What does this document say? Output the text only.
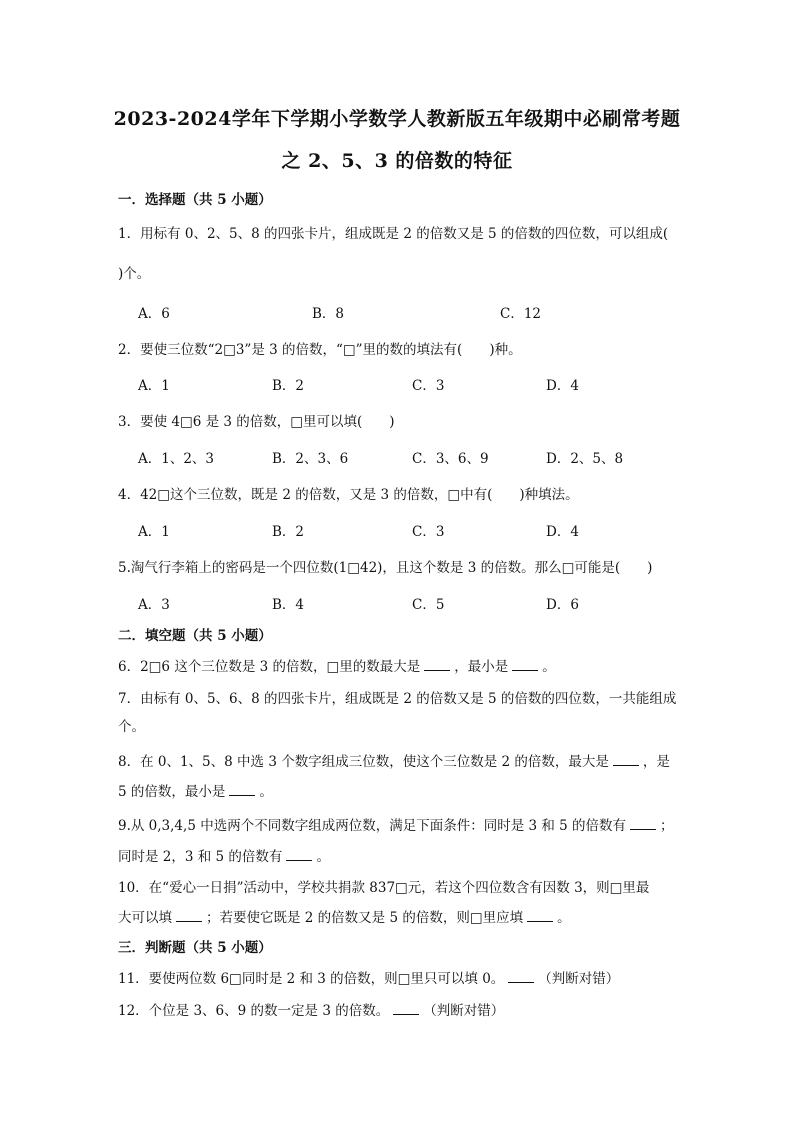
2023-2024学年下学期小学数学人教新版五年级期中必刷常考题
之 2、5、3 的倍数的特征
一．选择题（共 5 小题）
1．用标有 0、2、5、8 的四张卡片，组成既是 2 的倍数又是 5 的倍数的四位数，可以组成(
)个。
A．6	B．8	C．12
2．要使三位数“2□3”是 3 的倍数，“□”里的数的填法有(　　)种。
A．1	B．2	C．3	D．4
3．要使 4□6 是 3 的倍数，□里可以填(　　)
A．1、2、3	B．2、3、6	C．3、6、9	D．2、5、8
4．42□这个三位数，既是 2 的倍数，又是 3 的倍数，□中有(　　)种填法。
A．1	B．2	C．3	D．4
5.淘气行李箱上的密码是一个四位数(1□42)，且这个数是 3 的倍数。那么□可能是(　　)
A．3	B．4	C．5	D．6
二．填空题（共 5 小题）
6．2□6 这个三位数是 3 的倍数，□里的数最大是	，最小是	。
7．由标有 0、5、6、8 的四张卡片，组成既是 2 的倍数又是 5 的倍数的四位数，一共能组成
个。
8．在 0、1、5、8 中选 3 个数字组成三位数，使这个三位数是 2 的倍数，最大是	，是
5 的倍数，最小是	。
9.从 0,3,4,5 中选两个不同数字组成两位数，满足下面条件：同时是 3 和 5 的倍数有	；
同时是 2，3 和 5 的倍数有	。
10．在“爱心一日捐”活动中，学校共捐款 837□元，若这个四位数含有因数 3，则□里最
大可以填	；若要使它既是 2 的倍数又是 5 的倍数，则□里应填	。
三．判断题（共 5 小题）
11．要使两位数 6□同时是 2 和 3 的倍数，则□里只可以填 0。	（判断对错）
12．个位是 3、6、9 的数一定是 3 的倍数。	（判断对错）
